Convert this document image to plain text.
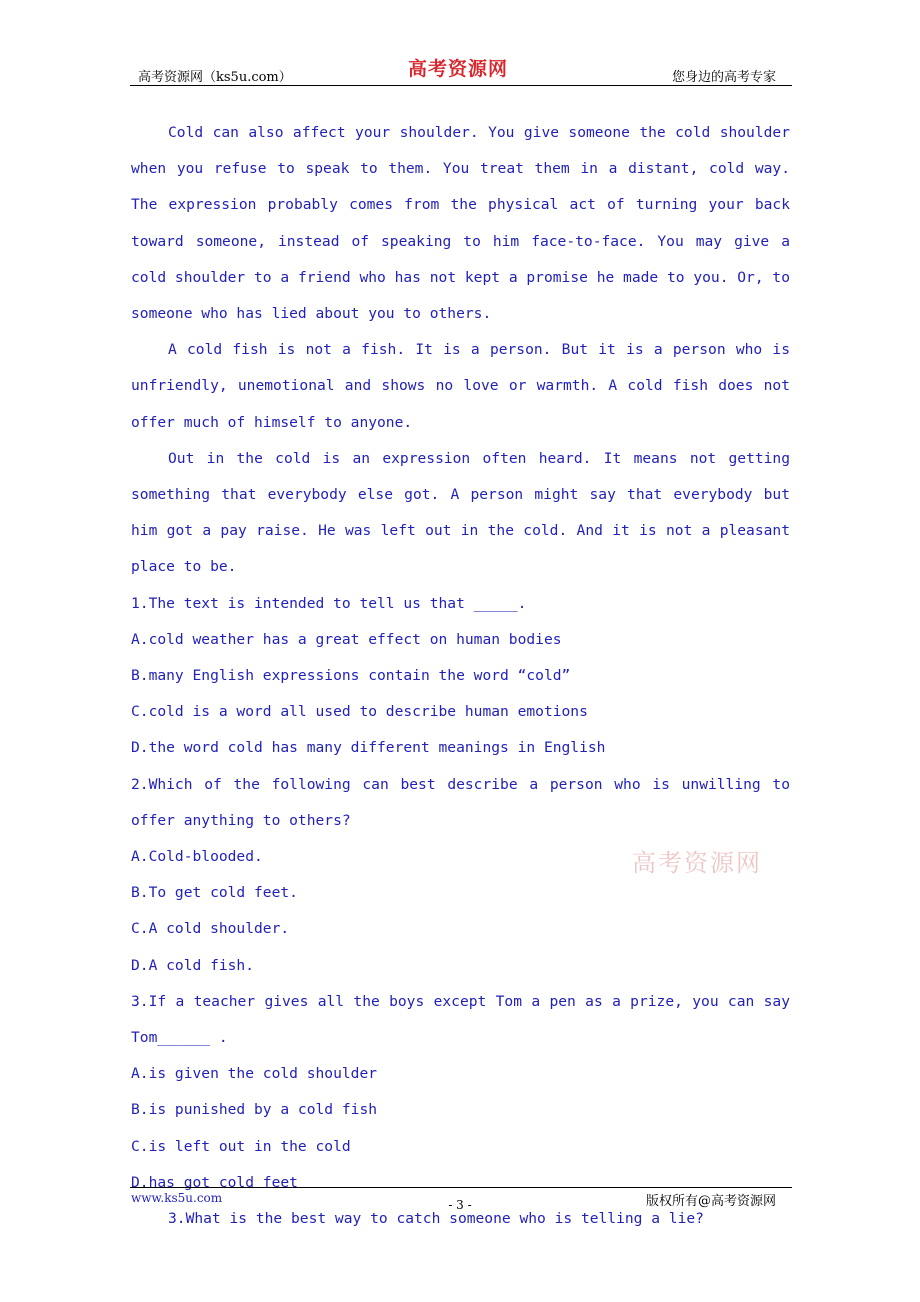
高考资源网（ks5u.com）	高考资源网	您身边的高考专家

Cold can also affect your shoulder. You give someone the cold shoulder when you refuse to speak to them. You treat them in a distant, cold way. The expression probably comes from the physical act of turning your back toward someone, instead of speaking to him face-to-face. You may give a cold shoulder to a friend who has not kept a promise he made to you. Or, to someone who has lied about you to others.

A cold fish is not a fish. It is a person. But it is a person who is unfriendly, unemotional and shows no love or warmth. A cold fish does not offer much of himself to anyone.

Out in the cold is an expression often heard. It means not getting something that everybody else got. A person might say that everybody but him got a pay raise. He was left out in the cold. And it is not a pleasant place to be.

1.The text is intended to tell us that _____.

A.cold weather has a great effect on human bodies

B.many English expressions contain the word “cold”

C.cold is a word all used to describe human emotions

D.the word cold has many different meanings in English

2.Which of the following can best describe a person who is unwilling to offer anything to others?

A.Cold-blooded.

B.To get cold feet.

C.A cold shoulder.

D.A cold fish.

3.If a teacher gives all the boys except Tom a pen as a prize, you can say Tom______ .

A.is given the cold shoulder

B.is punished by a cold fish

C.is left out in the cold

D.has got cold feet

3.What is the best way to catch someone who is telling a lie?

高考资源网
www.ks5u.com	- 3 -	版权所有@高考资源网
